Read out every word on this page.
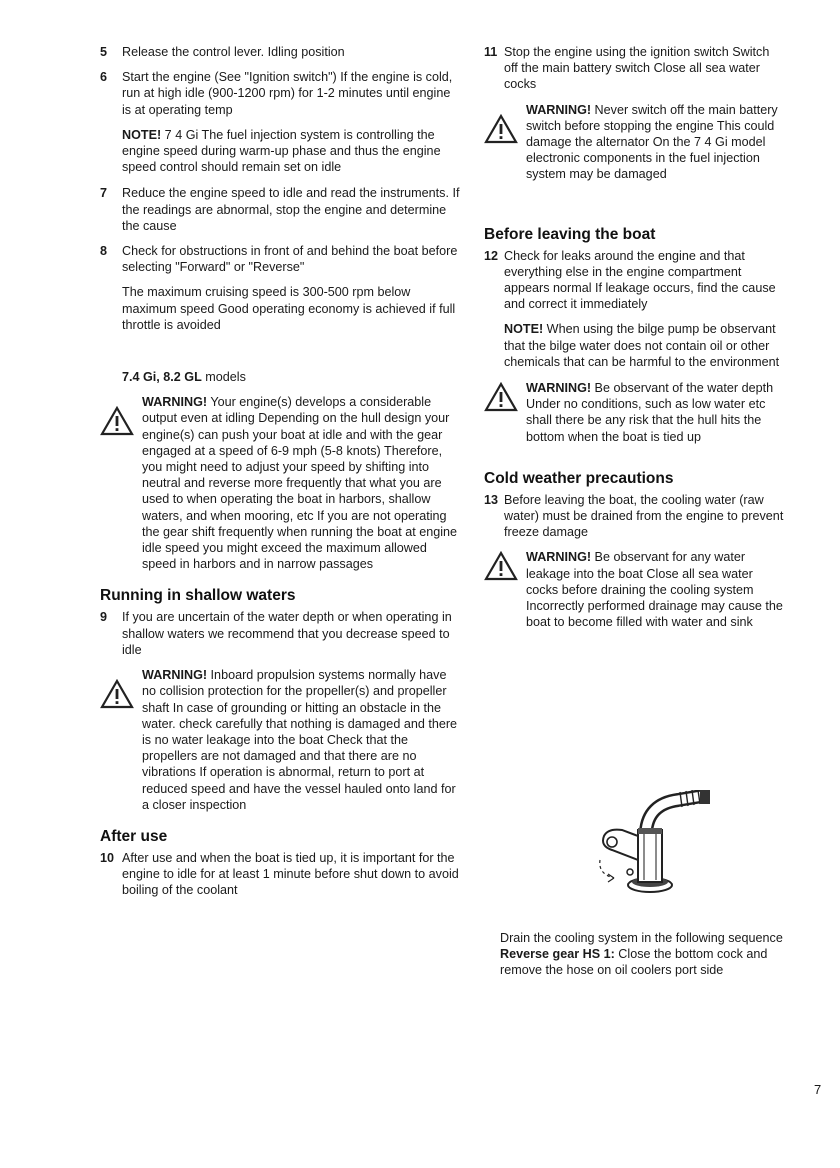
5 Release the control lever. Idling position
6 Start the engine (See "Ignition switch") If the engine is cold, run at high idle (900-1200 rpm) for 1-2 minutes until engine is at operating temp
NOTE! 7 4 Gi The fuel injection system is controlling the engine speed during warm-up phase and thus the engine speed control should remain set on idle
7 Reduce the engine speed to idle and read the instruments. If the readings are abnormal, stop the engine and determine the cause
8 Check for obstructions in front of and behind the boat before selecting "Forward" or "Reverse"
The maximum cruising speed is 300-500 rpm below maximum speed Good operating economy is achieved if full throttle is avoided
7.4 Gi, 8.2 GL models
WARNING! Your engine(s) develops a considerable output even at idling Depending on the hull design your engine(s) can push your boat at idle and with the gear engaged at a speed of 6-9 mph (5-8 knots) Therefore, you might need to adjust your speed by shifting into neutral and reverse more frequently that what you are used to when operating the boat in harbors, shallow waters, and when mooring, etc If you are not operating the gear shift frequently when running the boat at engine idle speed you might exceed the maximum allowed speed in harbors and in narrow passages
Running in shallow waters
9 If you are uncertain of the water depth or when operating in shallow waters we recommend that you decrease speed to idle
WARNING! Inboard propulsion systems normally have no collision protection for the propeller(s) and propeller shaft In case of grounding or hitting an obstacle in the water. check carefully that nothing is damaged and there is no water leakage into the boat Check that the propellers are not damaged and that there are no vibrations If operation is abnormal, return to port at reduced speed and have the vessel hauled onto land for a closer inspection
After use
10 After use and when the boat is tied up, it is important for the engine to idle for at least 1 minute before shut down to avoid boiling of the coolant
11 Stop the engine using the ignition switch Switch off the main battery switch Close all sea water cocks
WARNING! Never switch off the main battery switch before stopping the engine This could damage the alternator On the 7 4 Gi model electronic components in the fuel injection system may be damaged
Before leaving the boat
12 Check for leaks around the engine and that everything else in the engine compartment appears normal If leakage occurs, find the cause and correct it immediately
NOTE! When using the bilge pump be observant that the bilge water does not contain oil or other chemicals that can be harmful to the environment
WARNING! Be observant of the water depth Under no conditions, such as low water etc shall there be any risk that the hull hits the bottom when the boat is tied up
Cold weather precautions
13 Before leaving the boat, the cooling water (raw water) must be drained from the engine to prevent freeze damage
WARNING! Be observant for any water leakage into the boat Close all sea water cocks before draining the cooling system Incorrectly performed drainage may cause the boat to become filled with water and sink
Drain the cooling system in the following sequence Reverse gear HS 1: Close the bottom cock and remove the hose on oil coolers port side
7
